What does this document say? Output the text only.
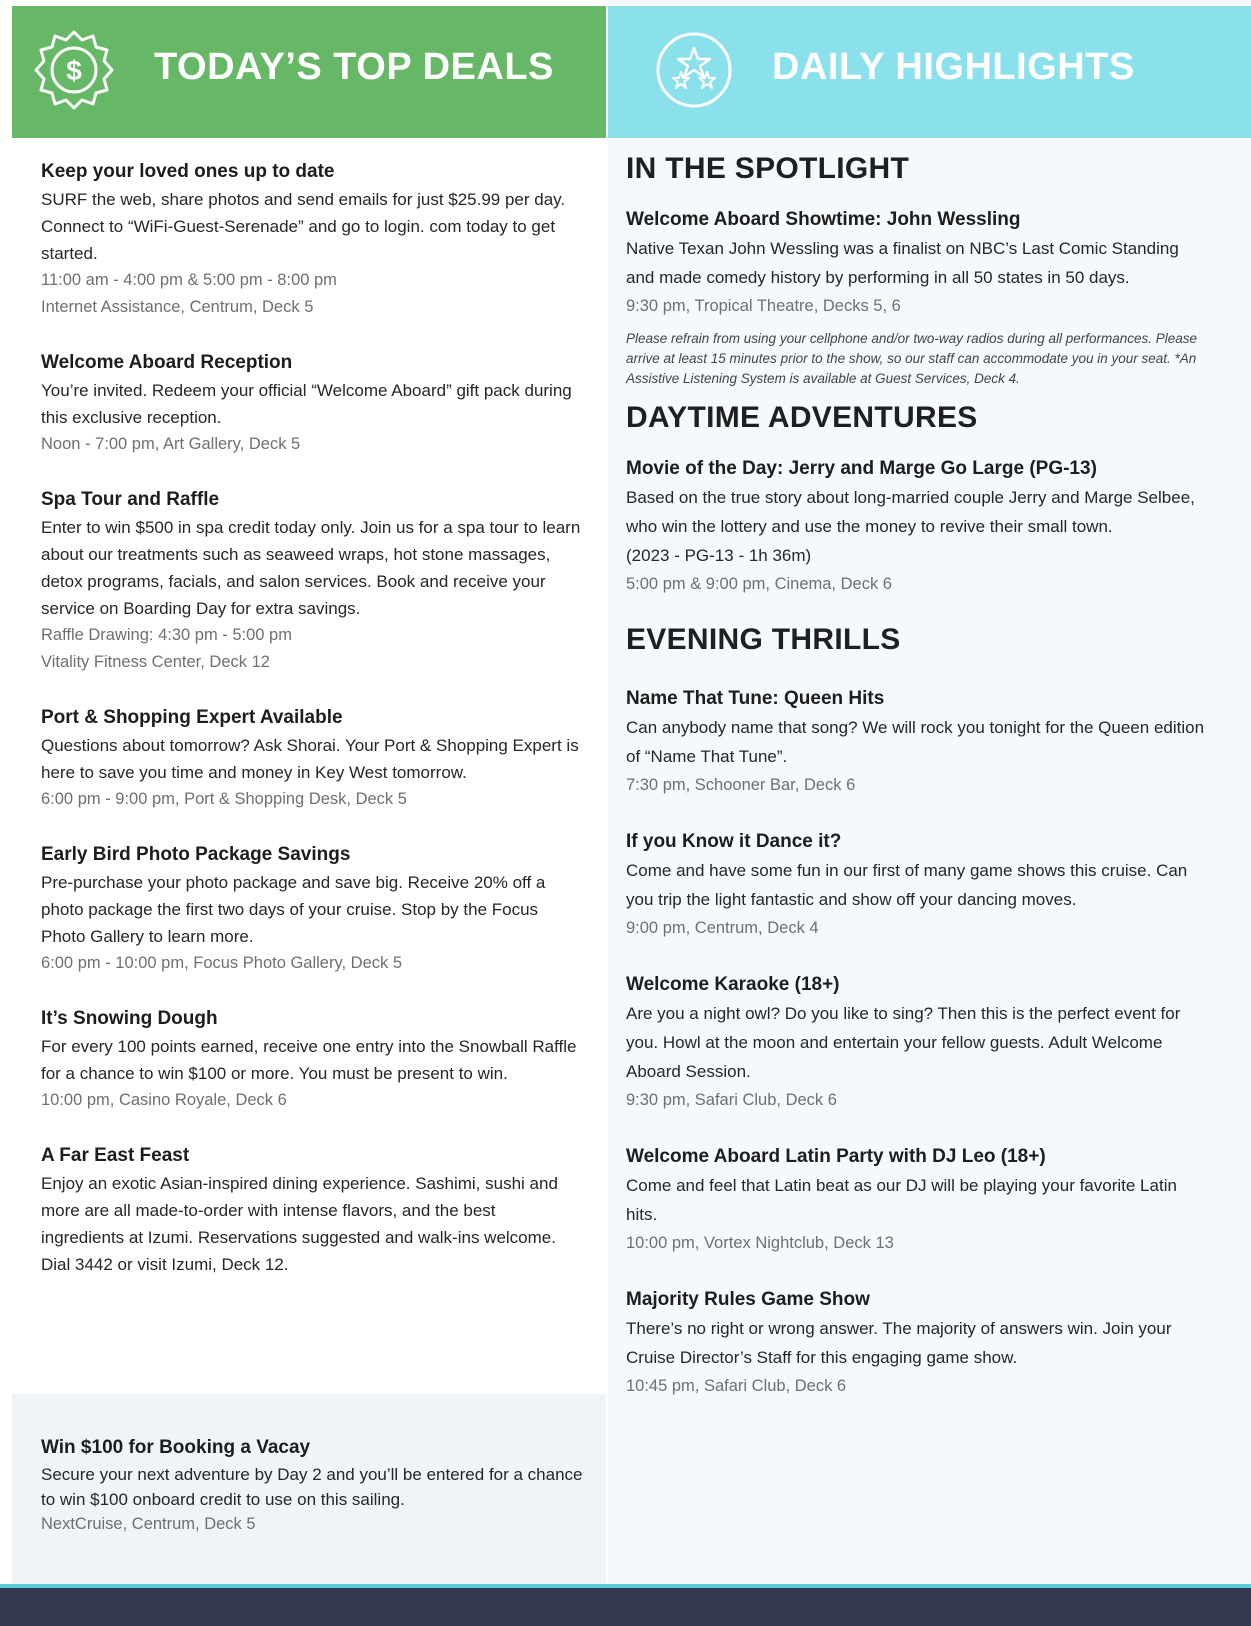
$ TODAY’S TOP DEALS	DAILY HIGHLIGHTS
Keep your loved ones up to date
SURF the web, share photos and send emails for just $25.99 per day. Connect to “WiFi-Guest-Serenade” and go to login. com today to get started.
11:00 am - 4:00 pm & 5:00 pm - 8:00 pm
Internet Assistance, Centrum, Deck 5
Welcome Aboard Reception
You’re invited. Redeem your official “Welcome Aboard” gift pack during this exclusive reception.
Noon - 7:00 pm, Art Gallery, Deck 5
Spa Tour and Raffle
Enter to win $500 in spa credit today only. Join us for a spa tour to learn about our treatments such as seaweed wraps, hot stone massages, detox programs, facials, and salon services. Book and receive your service on Boarding Day for extra savings.
Raffle Drawing: 4:30 pm - 5:00 pm
Vitality Fitness Center, Deck 12
Port & Shopping Expert Available
Questions about tomorrow? Ask Shorai. Your Port & Shopping Expert is here to save you time and money in Key West tomorrow.
6:00 pm - 9:00 pm, Port & Shopping Desk, Deck 5
Early Bird Photo Package Savings
Pre-purchase your photo package and save big. Receive 20% off a photo package the first two days of your cruise. Stop by the Focus Photo Gallery to learn more.
6:00 pm - 10:00 pm, Focus Photo Gallery, Deck 5
It’s Snowing Dough
For every 100 points earned, receive one entry into the Snowball Raffle for a chance to win $100 or more. You must be present to win.
10:00 pm, Casino Royale, Deck 6
A Far East Feast
Enjoy an exotic Asian-inspired dining experience. Sashimi, sushi and more are all made-to-order with intense flavors, and the best ingredients at Izumi. Reservations suggested and walk-ins welcome. Dial 3442 or visit Izumi, Deck 12.
Win $100 for Booking a Vacay
Secure your next adventure by Day 2 and you’ll be entered for a chance to win $100 onboard credit to use on this sailing.
NextCruise, Centrum, Deck 5
IN THE SPOTLIGHT
Welcome Aboard Showtime: John Wessling
Native Texan John Wessling was a finalist on NBC’s Last Comic Standing and made comedy history by performing in all 50 states in 50 days.
9:30 pm, Tropical Theatre, Decks 5, 6
Please refrain from using your cellphone and/or two-way radios during all performances. Please arrive at least 15 minutes prior to the show, so our staff can accommodate you in your seat. *An Assistive Listening System is available at Guest Services, Deck 4.
DAYTIME ADVENTURES
Movie of the Day: Jerry and Marge Go Large (PG-13)
Based on the true story about long-married couple Jerry and Marge Selbee, who win the lottery and use the money to revive their small town.
(2023 - PG-13 - 1h 36m)
5:00 pm & 9:00 pm, Cinema, Deck 6
EVENING THRILLS
Name That Tune: Queen Hits
Can anybody name that song? We will rock you tonight for the Queen edition of “Name That Tune”.
7:30 pm, Schooner Bar, Deck 6
If you Know it Dance it?
Come and have some fun in our first of many game shows this cruise. Can you trip the light fantastic and show off your dancing moves.
9:00 pm, Centrum, Deck 4
Welcome Karaoke (18+)
Are you a night owl? Do you like to sing? Then this is the perfect event for you. Howl at the moon and entertain your fellow guests. Adult Welcome Aboard Session.
9:30 pm, Safari Club, Deck 6
Welcome Aboard Latin Party with DJ Leo (18+)
Come and feel that Latin beat as our DJ will be playing your favorite Latin hits.
10:00 pm, Vortex Nightclub, Deck 13
Majority Rules Game Show
There’s no right or wrong answer. The majority of answers win. Join your Cruise Director’s Staff for this engaging game show.
10:45 pm, Safari Club, Deck 6
